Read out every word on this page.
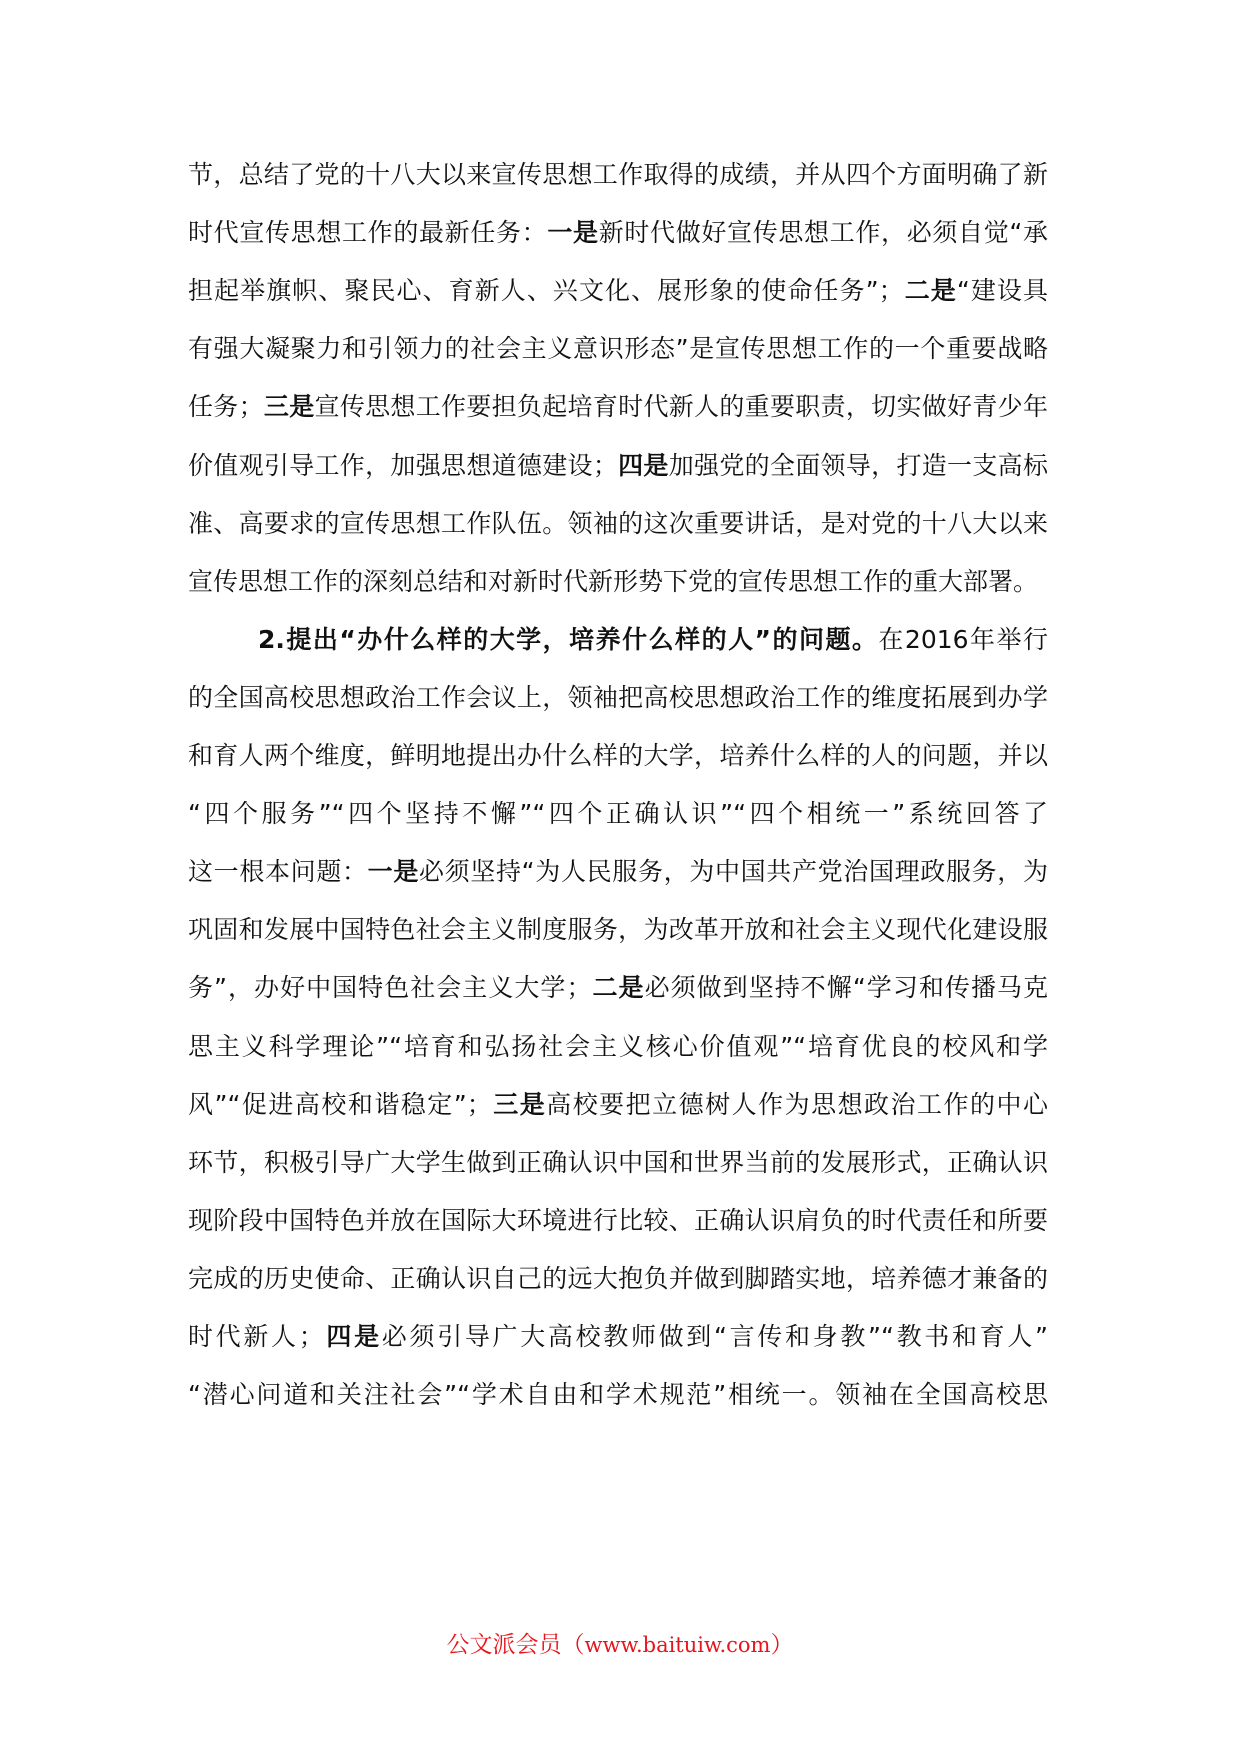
节，总结了党的十八大以来宣传思想工作取得的成绩，并从四个方面明确了新
时代宣传思想工作的最新任务：一是新时代做好宣传思想工作，必须自觉“承
担起举旗帜、聚民心、育新人、兴文化、展形象的使命任务”；二是“建设具
有强大凝聚力和引领力的社会主义意识形态”是宣传思想工作的一个重要战略
任务；三是宣传思想工作要担负起培育时代新人的重要职责，切实做好青少年
价值观引导工作，加强思想道德建设；四是加强党的全面领导，打造一支高标
准、高要求的宣传思想工作队伍。领袖的这次重要讲话，是对党的十八大以来
宣传思想工作的深刻总结和对新时代新形势下党的宣传思想工作的重大部署。
2.提出“办什么样的大学，培养什么样的人”的问题。在2016年举行
的全国高校思想政治工作会议上，领袖把高校思想政治工作的维度拓展到办学
和育人两个维度，鲜明地提出办什么样的大学，培养什么样的人的问题，并以
“四个服务”“四个坚持不懈”“四个正确认识”“四个相统一”系统回答了
这一根本问题：一是必须坚持“为人民服务，为中国共产党治国理政服务，为
巩固和发展中国特色社会主义制度服务，为改革开放和社会主义现代化建设服
务”，办好中国特色社会主义大学；二是必须做到坚持不懈“学习和传播马克
思主义科学理论”“培育和弘扬社会主义核心价值观”“培育优良的校风和学
风”“促进高校和谐稳定”；三是高校要把立德树人作为思想政治工作的中心
环节，积极引导广大学生做到正确认识中国和世界当前的发展形式，正确认识
现阶段中国特色并放在国际大环境进行比较、正确认识肩负的时代责任和所要
完成的历史使命、正确认识自己的远大抱负并做到脚踏实地，培养德才兼备的
时代新人；四是必须引导广大高校教师做到“言传和身教”“教书和育人”
“潜心问道和关注社会”“学术自由和学术规范”相统一。领袖在全国高校思
公文派会员（www.baituiw.com）
